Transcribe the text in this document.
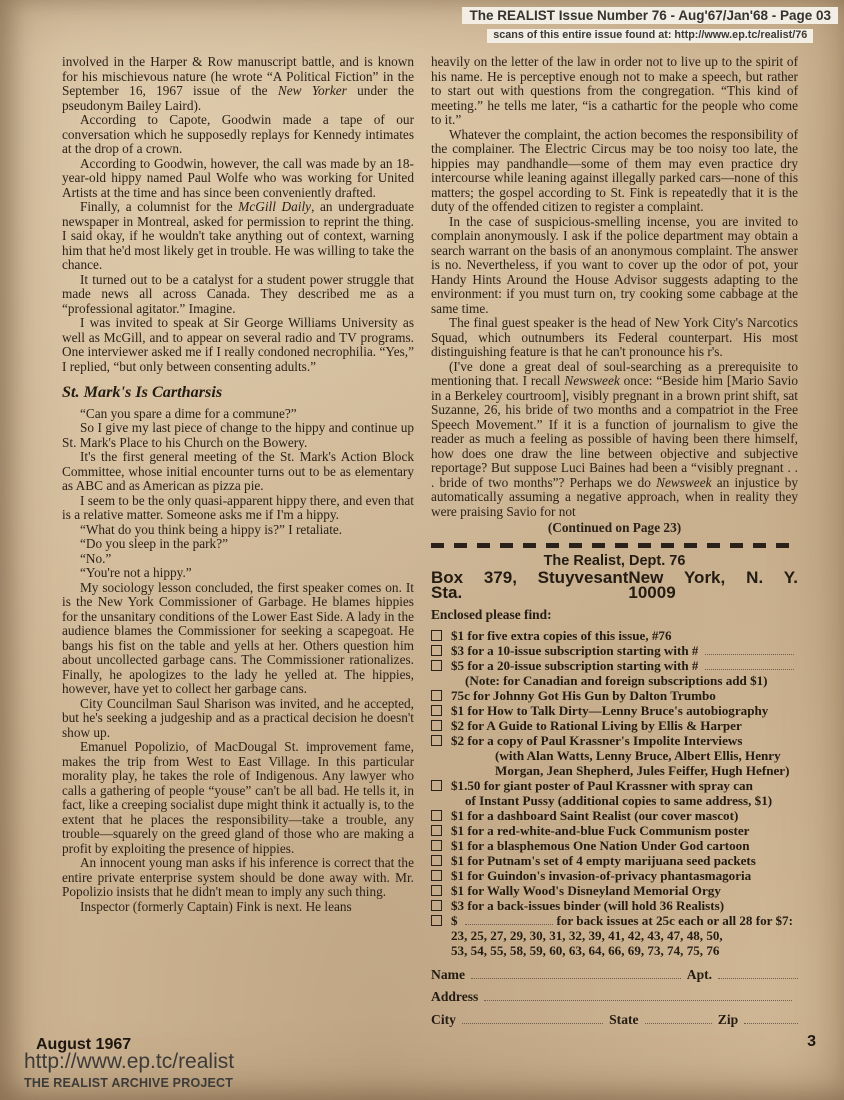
The REALIST Issue Number 76 - Aug'67/Jan'68 - Page 03
scans of this entire issue found at: http://www.ep.tc/realist/76

involved in the Harper & Row manuscript battle, and is known for his mischievous nature (he wrote “A Political Fiction” in the September 16, 1967 issue of the New Yorker under the pseudonym Bailey Laird).

According to Capote, Goodwin made a tape of our conversation which he supposedly replays for Kennedy intimates at the drop of a crown.

According to Goodwin, however, the call was made by an 18-year-old hippy named Paul Wolfe who was working for United Artists at the time and has since been conveniently drafted.

Finally, a columnist for the McGill Daily, an undergraduate newspaper in Montreal, asked for permission to reprint the thing. I said okay, if he wouldn't take anything out of context, warning him that he'd most likely get in trouble. He was willing to take the chance.

It turned out to be a catalyst for a student power struggle that made news all across Canada. They described me as a “professional agitator.” Imagine.

I was invited to speak at Sir George Williams University as well as McGill, and to appear on several radio and TV programs. One interviewer asked me if I really condoned necrophilia. “Yes,” I replied, “but only between consenting adults.”

St. Mark's Is Cartharsis

“Can you spare a dime for a commune?”

So I give my last piece of change to the hippy and continue up St. Mark's Place to his Church on the Bowery.

It's the first general meeting of the St. Mark's Action Block Committee, whose initial encounter turns out to be as elementary as ABC and as American as pizza pie.

I seem to be the only quasi-apparent hippy there, and even that is a relative matter. Someone asks me if I'm a hippy.

“What do you think being a hippy is?” I retaliate.

“Do you sleep in the park?”

“No.”

“You're not a hippy.”

My sociology lesson concluded, the first speaker comes on. It is the New York Commissioner of Garbage. He blames hippies for the unsanitary conditions of the Lower East Side. A lady in the audience blames the Commissioner for seeking a scapegoat. He bangs his fist on the table and yells at her. Others question him about uncollected garbage cans. The Commissioner rationalizes. Finally, he apologizes to the lady he yelled at. The hippies, however, have yet to collect her garbage cans.

City Councilman Saul Sharison was invited, and he accepted, but he's seeking a judgeship and as a practical decision he doesn't show up.

Emanuel Popolizio, of MacDougal St. improvement fame, makes the trip from West to East Village. In this particular morality play, he takes the role of Indigenous. Any lawyer who calls a gathering of people “youse” can't be all bad. He tells it, in fact, like a creeping socialist dupe might think it actually is, to the extent that he places the responsibility—take a trouble, any trouble—squarely on the greed gland of those who are making a profit by exploiting the presence of hippies.

An innocent young man asks if his inference is correct that the entire private enterprise system should be done away with. Mr. Popolizio insists that he didn't mean to imply any such thing.

Inspector (formerly Captain) Fink is next. He leans

heavily on the letter of the law in order not to live up to the spirit of his name. He is perceptive enough not to make a speech, but rather to start out with questions from the congregation. “This kind of meeting.” he tells me later, “is a cathartic for the people who come to it.”

Whatever the complaint, the action becomes the responsibility of the complainer. The Electric Circus may be too noisy too late, the hippies may pandhandle—some of them may even practice dry intercourse while leaning against illegally parked cars—none of this matters; the gospel according to St. Fink is repeatedly that it is the duty of the offended citizen to register a complaint.

In the case of suspicious-smelling incense, you are invited to complain anonymously. I ask if the police department may obtain a search warrant on the basis of an anonymous complaint. The answer is no. Nevertheless, if you want to cover up the odor of pot, your Handy Hints Around the House Advisor suggests adapting to the environment: if you must turn on, try cooking some cabbage at the same time.

The final guest speaker is the head of New York City's Narcotics Squad, which outnumbers its Federal counterpart. His most distinguishing feature is that he can't pronounce his r's.

(I've done a great deal of soul-searching as a prerequisite to mentioning that. I recall Newsweek once: “Beside him [Mario Savio in a Berkeley courtroom], visibly pregnant in a brown print shift, sat Suzanne, 26, his bride of two months and a compatriot in the Free Speech Movement.” If it is a function of journalism to give the reader as much a feeling as possible of having been there himself, how does one draw the line between objective and subjective reportage? But suppose Luci Baines had been a “visibly pregnant . . . bride of two months”? Perhaps we do Newsweek an injustice by automatically assuming a negative approach, when in reality they were praising Savio for not

(Continued on Page 23)
The Realist, Dept. 76
Box 379, Stuyvesant Sta.
New York, N. Y. 10009
Enclosed please find:
$1 for five extra copies of this issue, #76
$3 for a 10-issue subscription starting with #
$5 for a 20-issue subscription starting with #
(Note: for Canadian and foreign subscriptions add $1)
75c for Johnny Got His Gun by Dalton Trumbo
$1 for How to Talk Dirty—Lenny Bruce's autobiography
$2 for A Guide to Rational Living by Ellis & Harper
$2 for a copy of Paul Krassner's Impolite Interviews
(with Alan Watts, Lenny Bruce, Albert Ellis, Henry
Morgan, Jean Shepherd, Jules Feiffer, Hugh Hefner)
$1.50 for giant poster of Paul Krassner with spray can
of Instant Pussy (additional copies to same address, $1)
$1 for a dashboard Saint Realist (our cover mascot)
$1 for a red-white-and-blue Fuck Communism poster
$1 for a blasphemous One Nation Under God cartoon
$1 for Putnam's set of 4 empty marijuana seed packets
$1 for Guindon's invasion-of-privacy phantasmagoria
$1 for Wally Wood's Disneyland Memorial Orgy
$3 for a back-issues binder (will hold 36 Realists)
$	for back issues at 25c each or all 28 for $7:
23, 25, 27, 29, 30, 31, 32, 39, 41, 42, 43, 47, 48, 50,
53, 54, 55, 58, 59, 60, 63, 64, 66, 69, 73, 74, 75, 76
Name	Apt.
Address
City	State	Zip
August 1967	3
http://www.ep.tc/realist
THE REALIST ARCHIVE PROJECT
